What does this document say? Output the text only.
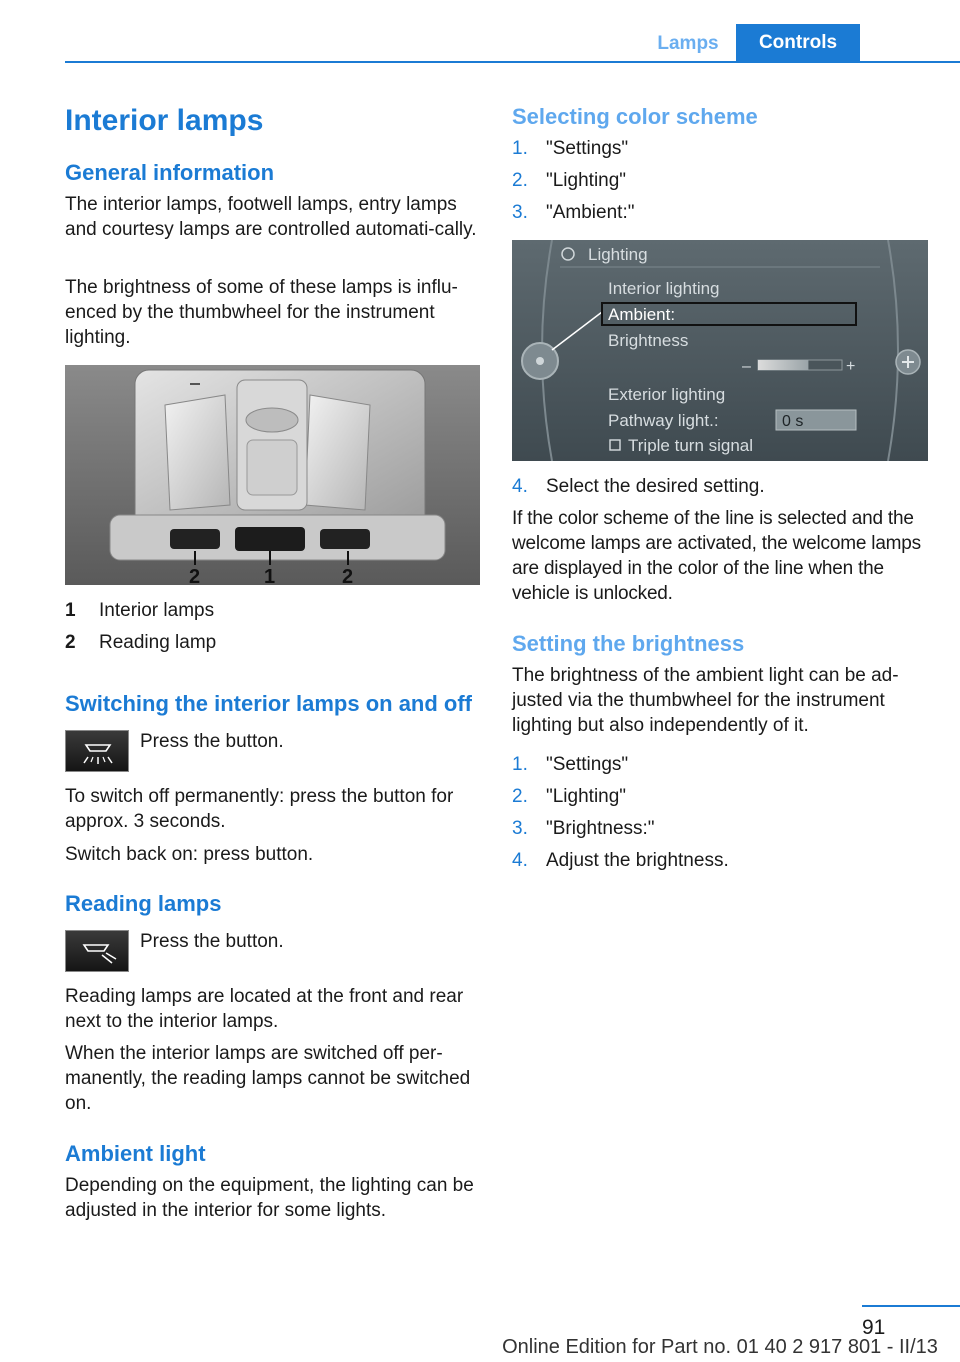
Lamps	Controls
Interior lamps
General information

The interior lamps, footwell lamps, entry lamps and courtesy lamps are controlled automati-cally.

The brightness of some of these lamps is influ-enced by the thumbwheel for the instrument lighting.

2	1	2
1 Interior lamps
2 Reading lamp
Switching the interior lamps on and off

Press the button.

To switch off permanently: press the button for approx. 3 seconds.

Switch back on: press button.

Reading lamps

Press the button.

Reading lamps are located at the front and rear next to the interior lamps.

When the interior lamps are switched off per-manently, the reading lamps cannot be switched on.

Ambient light

Depending on the equipment, the lighting can be adjusted in the interior for some lights.

Selecting color scheme
1. "Settings"
2. "Lighting"
3. "Ambient:"
Lighting
Interior lighting
Ambient:
Brightness
–	+
Exterior lighting
Pathway light.:	0 s
Triple turn signal
4. Select the desired setting.

If the color scheme of the line is selected and the welcome lamps are activated, the welcome lamps are displayed in the color of the line when the vehicle is unlocked.

Setting the brightness

The brightness of the ambient light can be ad-justed via the thumbwheel for the instrument lighting but also independently of it.

1. "Settings"
2. "Lighting"
3. "Brightness:"
4. Adjust the brightness.
91
Online Edition for Part no. 01 40 2 917 801 - II/13
